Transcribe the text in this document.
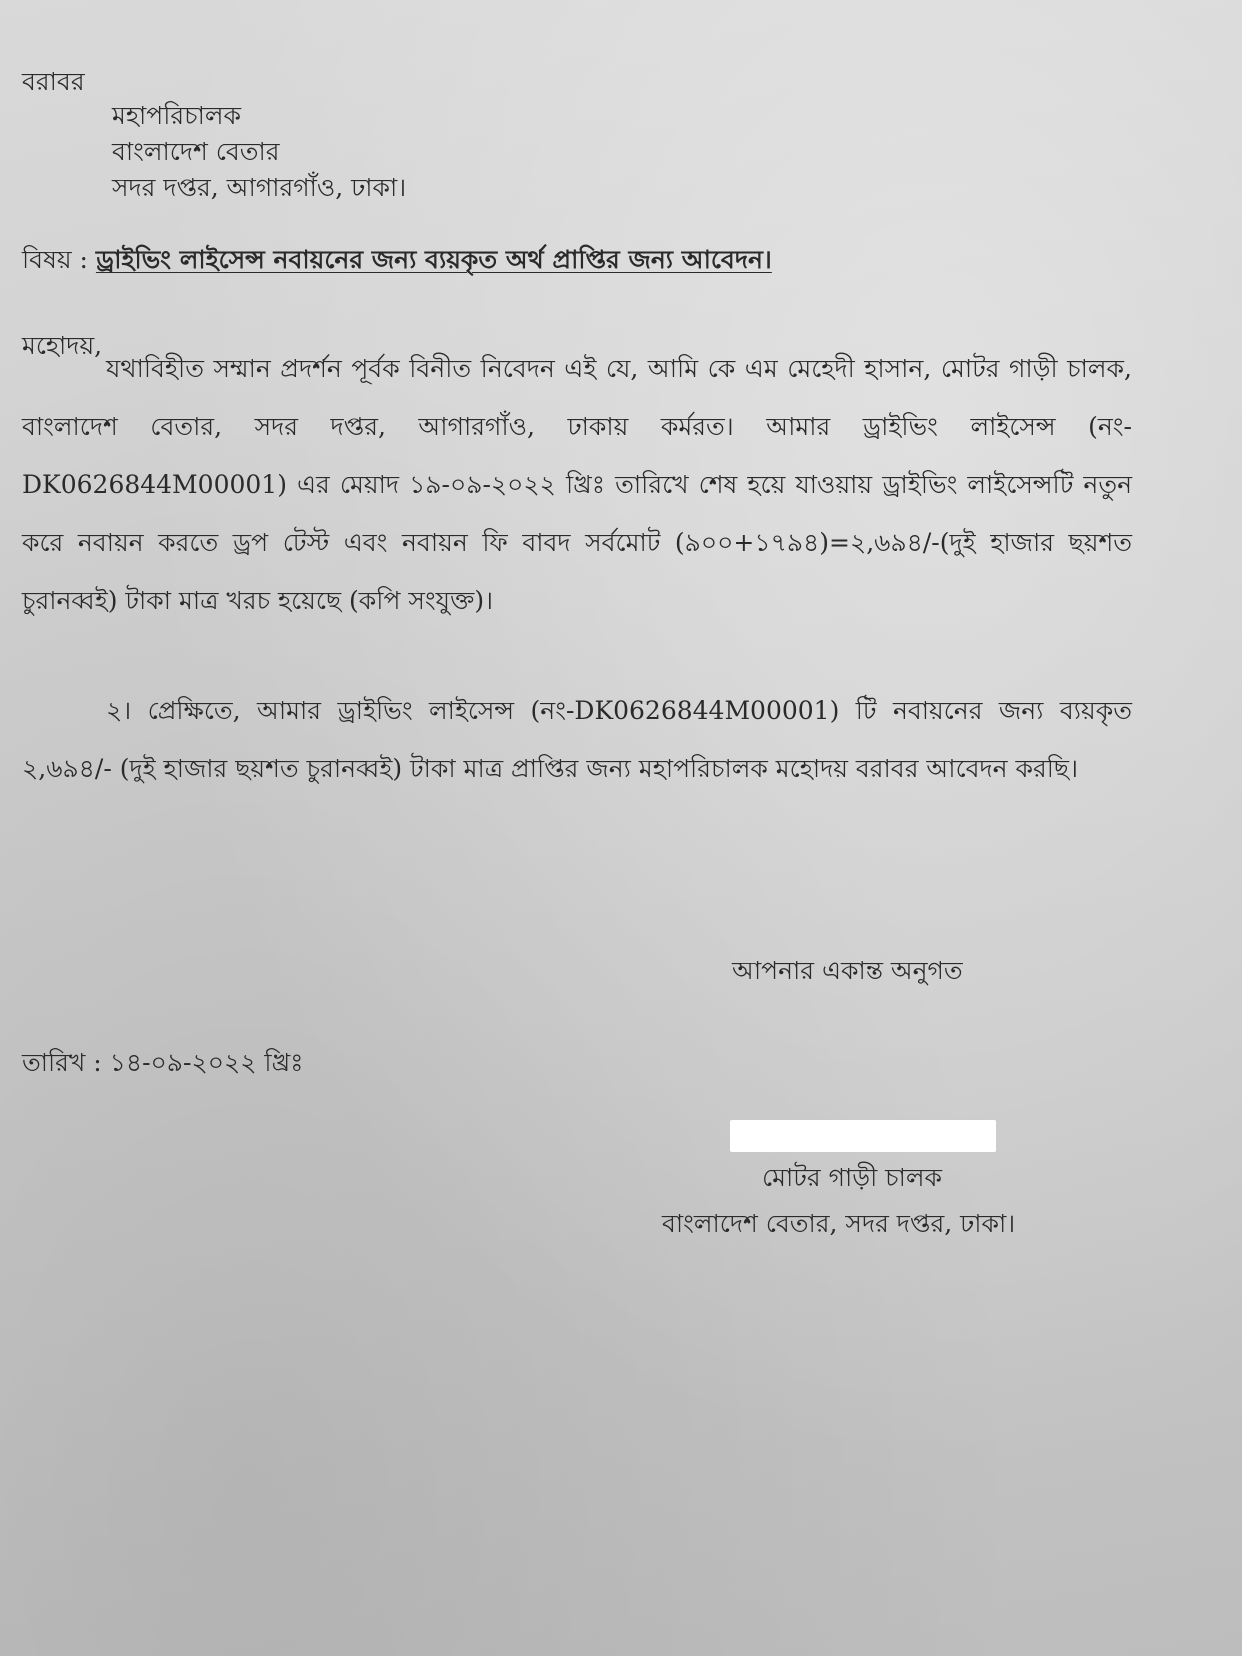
বরাবর
মহাপরিচালক
বাংলাদেশ বেতার
সদর দপ্তর, আগারগাঁও, ঢাকা।
বিষয় : ড্রাইভিং লাইসেন্স নবায়নের জন্য ব্যয়কৃত অর্থ প্রাপ্তির জন্য আবেদন।
মহোদয়,

যথাবিহীত সম্মান প্রদর্শন পূর্বক বিনীত নিবেদন এই যে, আমি কে এম মেহেদী হাসান, মোটর গাড়ী চালক, বাংলাদেশ বেতার, সদর দপ্তর, আগারগাঁও, ঢাকায় কর্মরত। আমার ড্রাইভিং লাইসেন্স (নং-DK0626844M00001) এর মেয়াদ ১৯-০৯-২০২২ খ্রিঃ তারিখে শেষ হয়ে যাওয়ায় ড্রাইভিং লাইসেন্সটি নতুন করে নবায়ন করতে ড্রপ টেস্ট এবং নবায়ন ফি বাবদ সর্বমোট (৯০০+১৭৯৪)=২,৬৯৪/-(দুই হাজার ছয়শত চুরানব্বই) টাকা মাত্র খরচ হয়েছে (কপি সংযুক্ত)।

২। প্রেক্ষিতে, আমার ড্রাইভিং লাইসেন্স (নং-DK0626844M00001) টি নবায়নের জন্য ব্যয়কৃত ২,৬৯৪/- (দুই হাজার ছয়শত চুরানব্বই) টাকা মাত্র প্রাপ্তির জন্য মহাপরিচালক মহোদয় বরাবর আবেদন করছি।

আপনার একান্ত অনুগত
তারিখ : ১৪-০৯-২০২২ খ্রিঃ
মোটর গাড়ী চালক
বাংলাদেশ বেতার, সদর দপ্তর, ঢাকা।
